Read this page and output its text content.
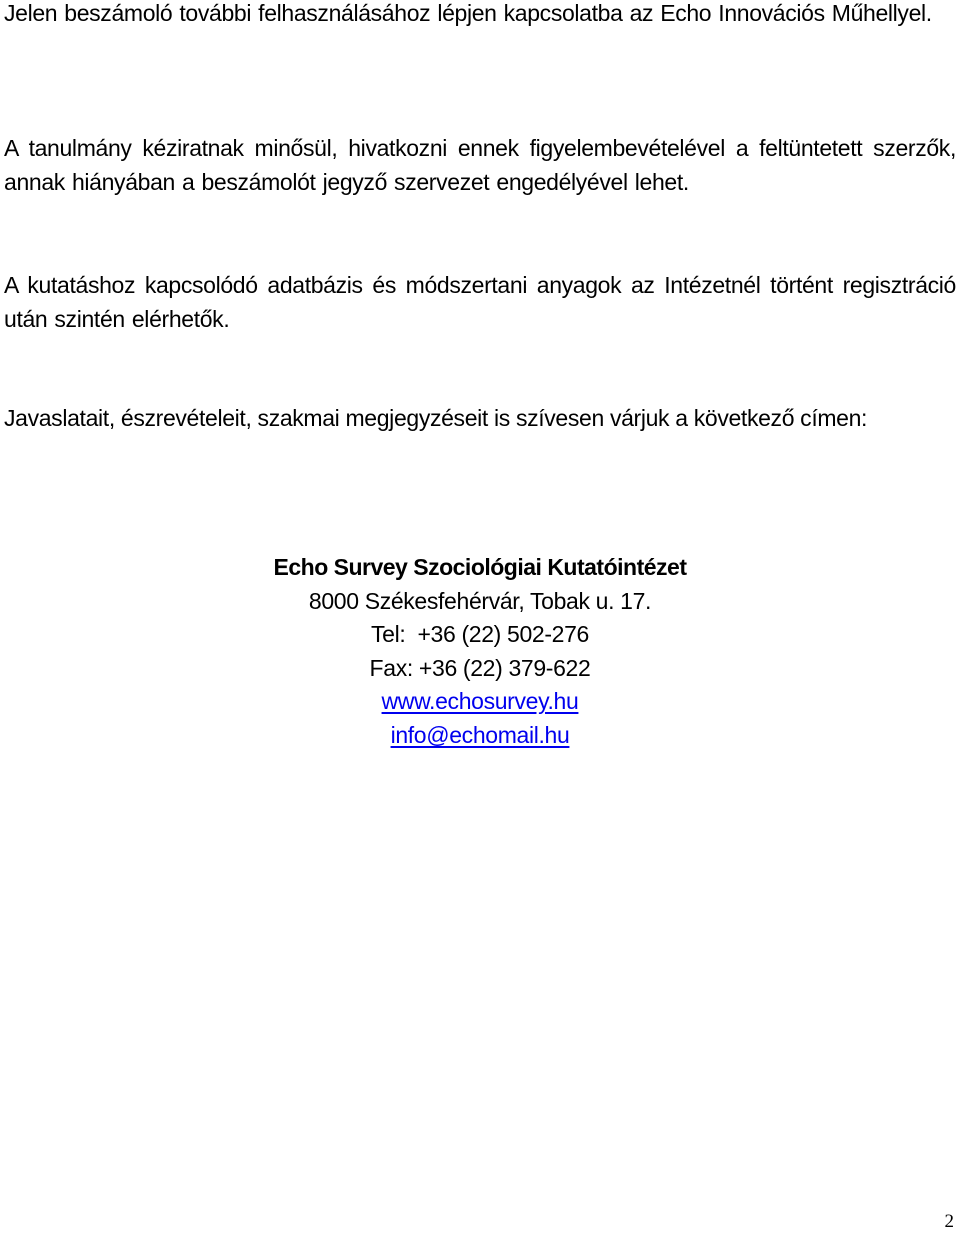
Jelen beszámoló további felhasználásához lépjen kapcsolatba az Echo Innovációs Műhellyel.

A tanulmány kéziratnak minősül, hivatkozni ennek figyelembevételével a feltüntetett szerzők, annak hiányában a beszámolót jegyző szervezet engedélyével lehet.

A kutatáshoz kapcsolódó adatbázis és módszertani anyagok az Intézetnél történt regisztráció után szintén elérhetők.

Javaslatait, észrevételeit, szakmai megjegyzéseit is szívesen várjuk a következő címen:

Echo Survey Szociológiai Kutatóintézet
8000 Székesfehérvár, Tobak u. 17.
Tel:  +36 (22) 502-276
Fax: +36 (22) 379-622
www.echosurvey.hu
info@echomail.hu
2
